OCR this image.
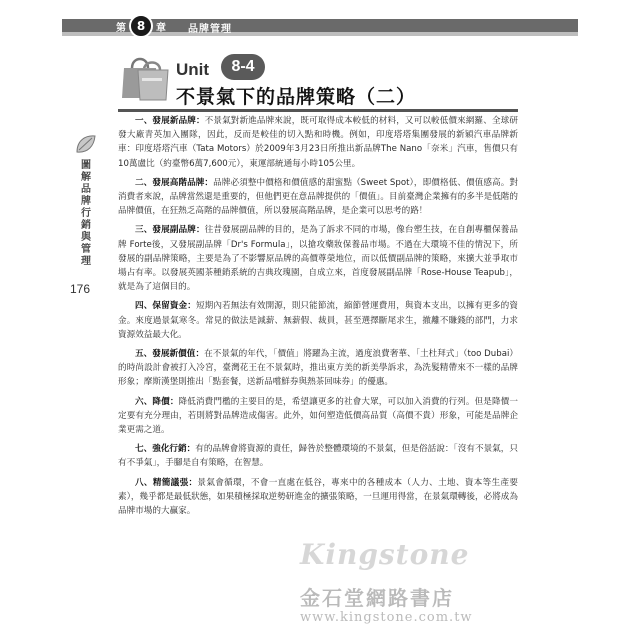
第 8	章 品牌管理
Unit	8-4
不景氣下的品牌策略（二）
圖解品牌行銷與管理
176

一、發展新品牌：不景氣對新進品牌來說，既可取得成本較低的材料，又可以較低價來網羅、全球研發大廠青英加入團隊，因此，反而是較佳的切入點和時機。例如，印度塔塔集團發展的新穎汽車品牌新車：印度塔塔汽車（Tata Motors）於2009年3月23日所推出新品牌The Nano「奈米」汽車，售價只有10萬盧比（約臺幣6萬7,600元），東運部統通每小時105公里。

二、發展高階品牌：品牌必須整中價格和價值感的甜蜜點（Sweet Spot），即價格低、價值感高。對消費者來說，品牌當然還是重要的，但他們更在意品牌提供的「價值」。目前臺灣企業擁有的多半是低階的品牌價值，在狂熱乏高階的品牌價值，所以發展高階品牌，是企業可以思考的路！

三、發展副品牌：往昔發展副品牌的目的，是為了訴求不同的市場，像台塑生技，在自創專櫃保養品牌 Forte後，又發展副品牌「Dr's Formula」，以搶攻藥妝保養品市場。不過在大環境不佳的情況下，所發展的副品牌策略，主要是為了不影響原品牌的高價尊榮地位，而以低價副品牌的策略，來擴大並爭取市場占有率。以發展英國茶種銷系統的吉典玫瑰園，自成立來，首度發展副品牌「Rose-House Teapub」，就是為了這個目的。

四、保留資金：短期內若無法有效開源，則只能節流，縮節營運費用，與資本支出，以擁有更多的資金。來度過景氣寒冬。常見的做法是減薪、無薪假、裁員，甚至選擇斷尾求生，撤離不賺錢的部門，力求資源效益最大化。

五、發展新價值：在不景氣的年代，「價值」將躍為主流，過度浪費奢華、「土杜拜式」（too Dubai）的時尚設計會被打入冷宮，臺灣花王在不景氣時，推出東方美的新美學訴求，為洗髮精帶來不一樣的品牌形象；摩斯漢堡則推出「點套餐，送新品嚐鮮券與熱茶回味券」的優惠。

六、降價：降低消費門檻的主要目的是，希望讓更多的社會大眾，可以加入消費的行列。但是降價一定要有充分理由，若則將對品牌造成傷害。此外，如何塑造低價高品質（高價不貴）形象，可能是品牌企業更需之道。

七、強化行銷：有的品牌會將資源的責任，歸咎於整體環境的不景氣，但是俗話說：「沒有不景氣，只有不爭氣」，手腳是自有策略，在智慧。

八、精簡議張：景氣會循環，不會一直處在低谷，專來中的各種成本（人力、土地、資本等生產要素），幾乎都是最低狀態，如果積極採取逆勢研進金的擴張策略，一旦運用得當，在景氣環轉後，必將成為品牌市場的大贏家。

Kingstone
金石堂網路書店
www.kingstone.com.tw
